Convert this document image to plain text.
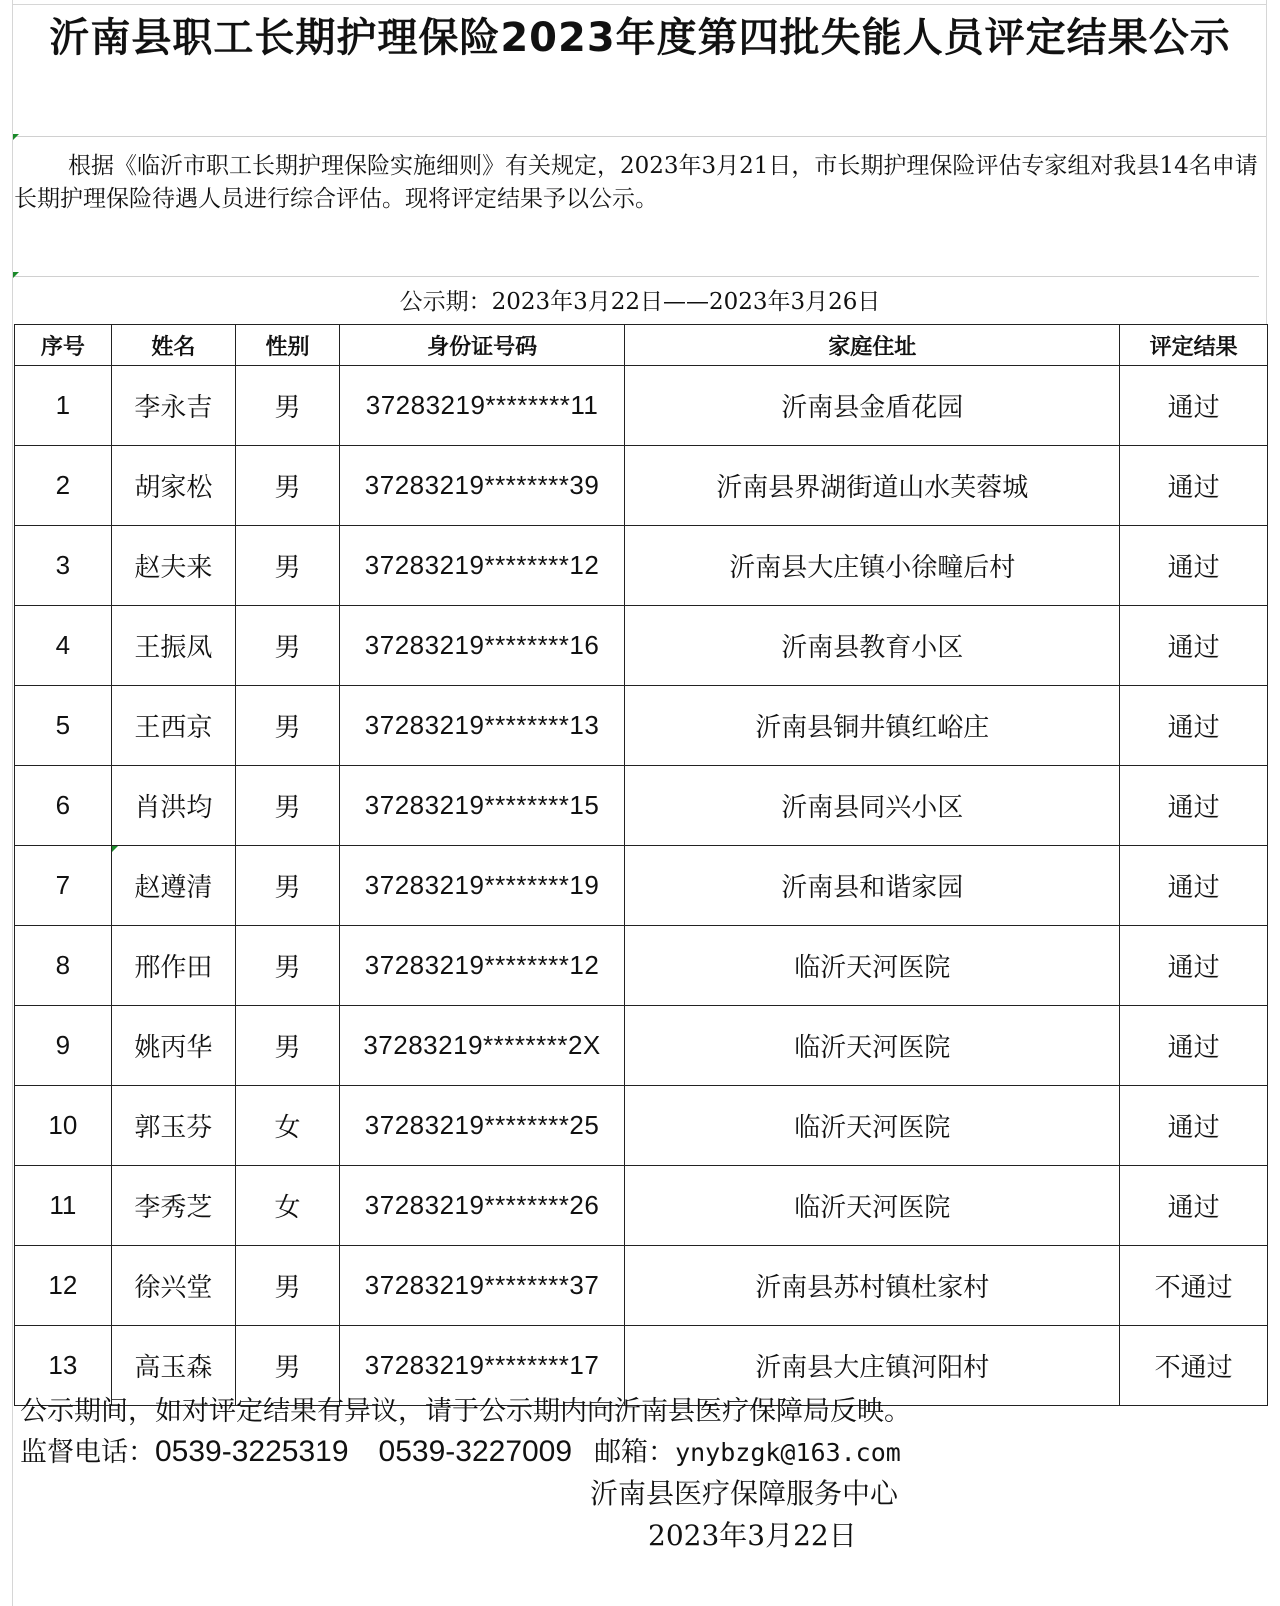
沂南县职工长期护理保险2023年度第四批失能人员评定结果公示
根据《临沂市职工长期护理保险实施细则》有关规定，2023年3月21日，市长期护理保险评估专家组对我县14名申请长期护理保险待遇人员进行综合评估。现将评定结果予以公示。
公示期：2023年3月22日——2023年3月26日
序号	姓名	性别	身份证号码	家庭住址	评定结果
1	李永吉	男	37283219********11	沂南县金盾花园	通过
2	胡家松	男	37283219********39	沂南县界湖街道山水芙蓉城	通过
3	赵夫来	男	37283219********12	沂南县大庄镇小徐疃后村	通过
4	王振凤	男	37283219********16	沂南县教育小区	通过
5	王西京	男	37283219********13	沂南县铜井镇红峪庄	通过
6	肖洪均	男	37283219********15	沂南县同兴小区	通过
7	赵遵清	男	37283219********19	沂南县和谐家园	通过
8	邢作田	男	37283219********12	临沂天河医院	通过
9	姚丙华	男	37283219********2X	临沂天河医院	通过
10	郭玉芬	女	37283219********25	临沂天河医院	通过
11	李秀芝	女	37283219********26	临沂天河医院	通过
12	徐兴堂	男	37283219********37	沂南县苏村镇杜家村	不通过
13	高玉森	男	37283219********17	沂南县大庄镇河阳村	不通过
公示期间，如对评定结果有异议，请于公示期内向沂南县医疗保障局反映。
监督电话：0539-3225319 0539-3227009 邮箱：ynybzgk@163.com
沂南县医疗保障服务中心
2023年3月22日
